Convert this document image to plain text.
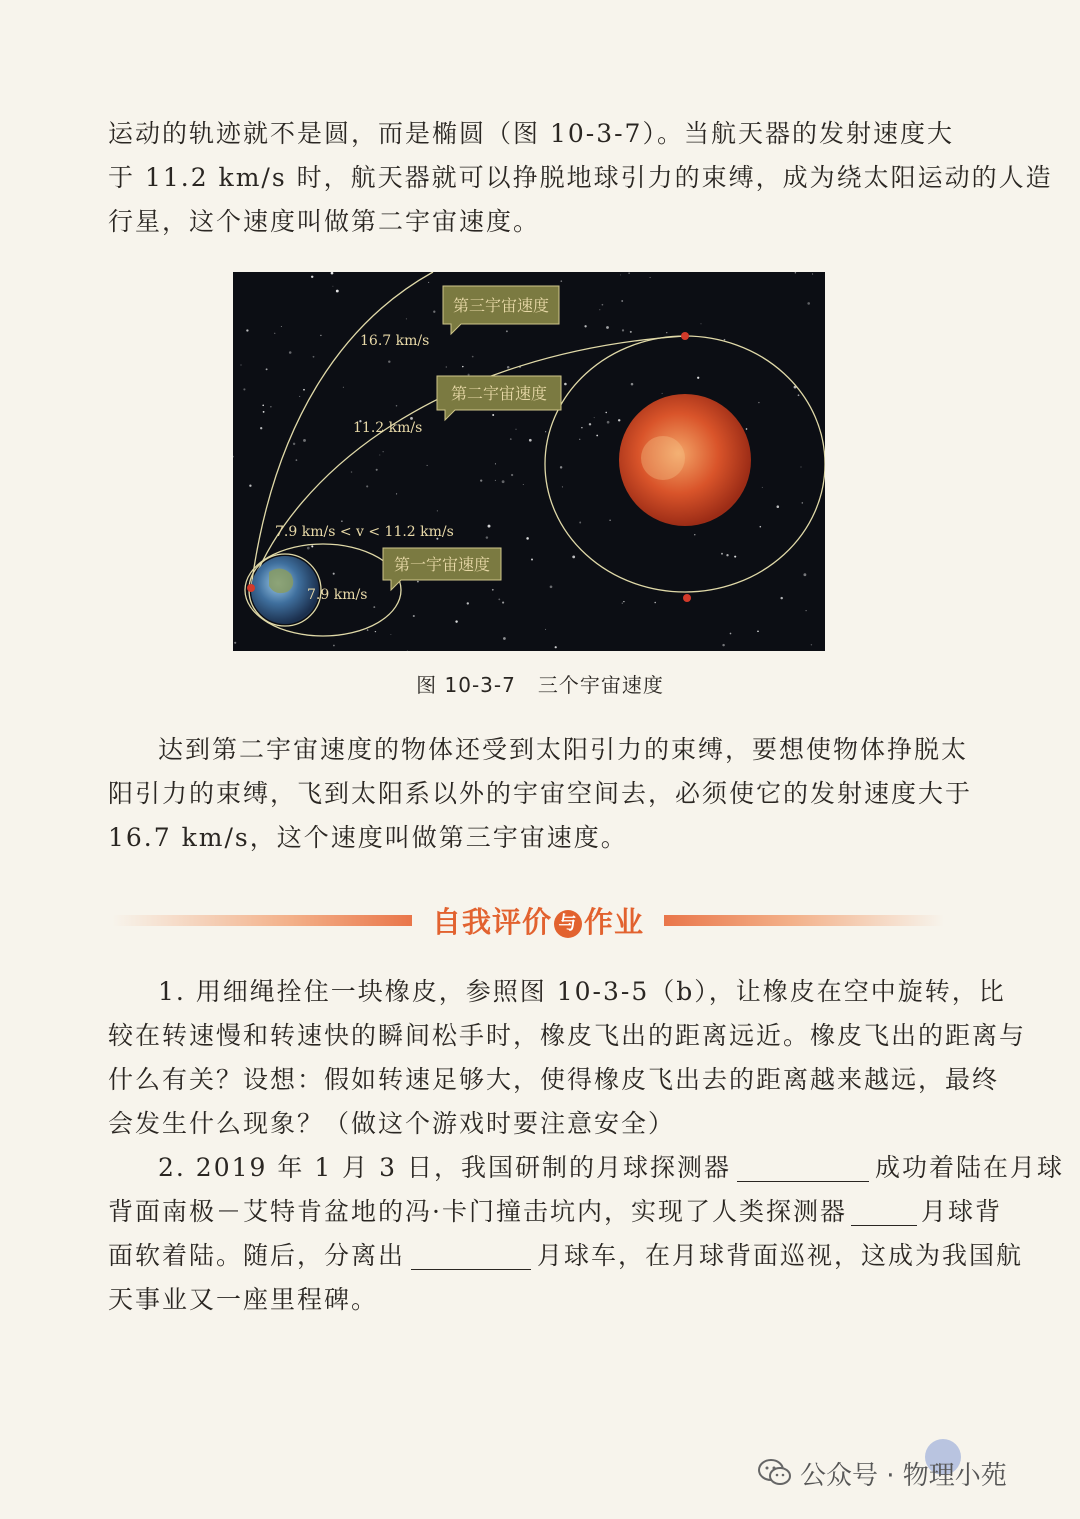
运动的轨迹就不是圆，而是椭圆（图 10-3-7）。当航天器的发射速度大
于 11.2 km/s 时，航天器就可以挣脱地球引力的束缚，成为绕太阳运动的人造
行星，这个速度叫做第二宇宙速度。
第三宇宙速度
16.7 km/s
第二宇宙速度
11.2 km/s
7.9 km/s < v < 11.2 km/s
第一宇宙速度
7.9 km/s
图 10-3-7 三个宇宙速度
达到第二宇宙速度的物体还受到太阳引力的束缚，要想使物体挣脱太
阳引力的束缚，飞到太阳系以外的宇宙空间去，必须使它的发射速度大于
16.7 km/s，这个速度叫做第三宇宙速度。
自我评价 与 作业
1. 用细绳拴住一块橡皮，参照图 10-3-5（b），让橡皮在空中旋转，比
较在转速慢和转速快的瞬间松手时，橡皮飞出的距离远近。橡皮飞出的距离与
什么有关？设想：假如转速足够大，使得橡皮飞出去的距离越来越远，最终
会发生什么现象？（做这个游戏时要注意安全）
2. 2019 年 1 月 3 日，我国研制的月球探测器	成功着陆在月球
背面南极－艾特肯盆地的冯·卡门撞击坑内，实现了人类探测器	月球背
面软着陆。随后，分离出	月球车，在月球背面巡视，这成为我国航
天事业又一座里程碑。
公众号 · 物理小苑
